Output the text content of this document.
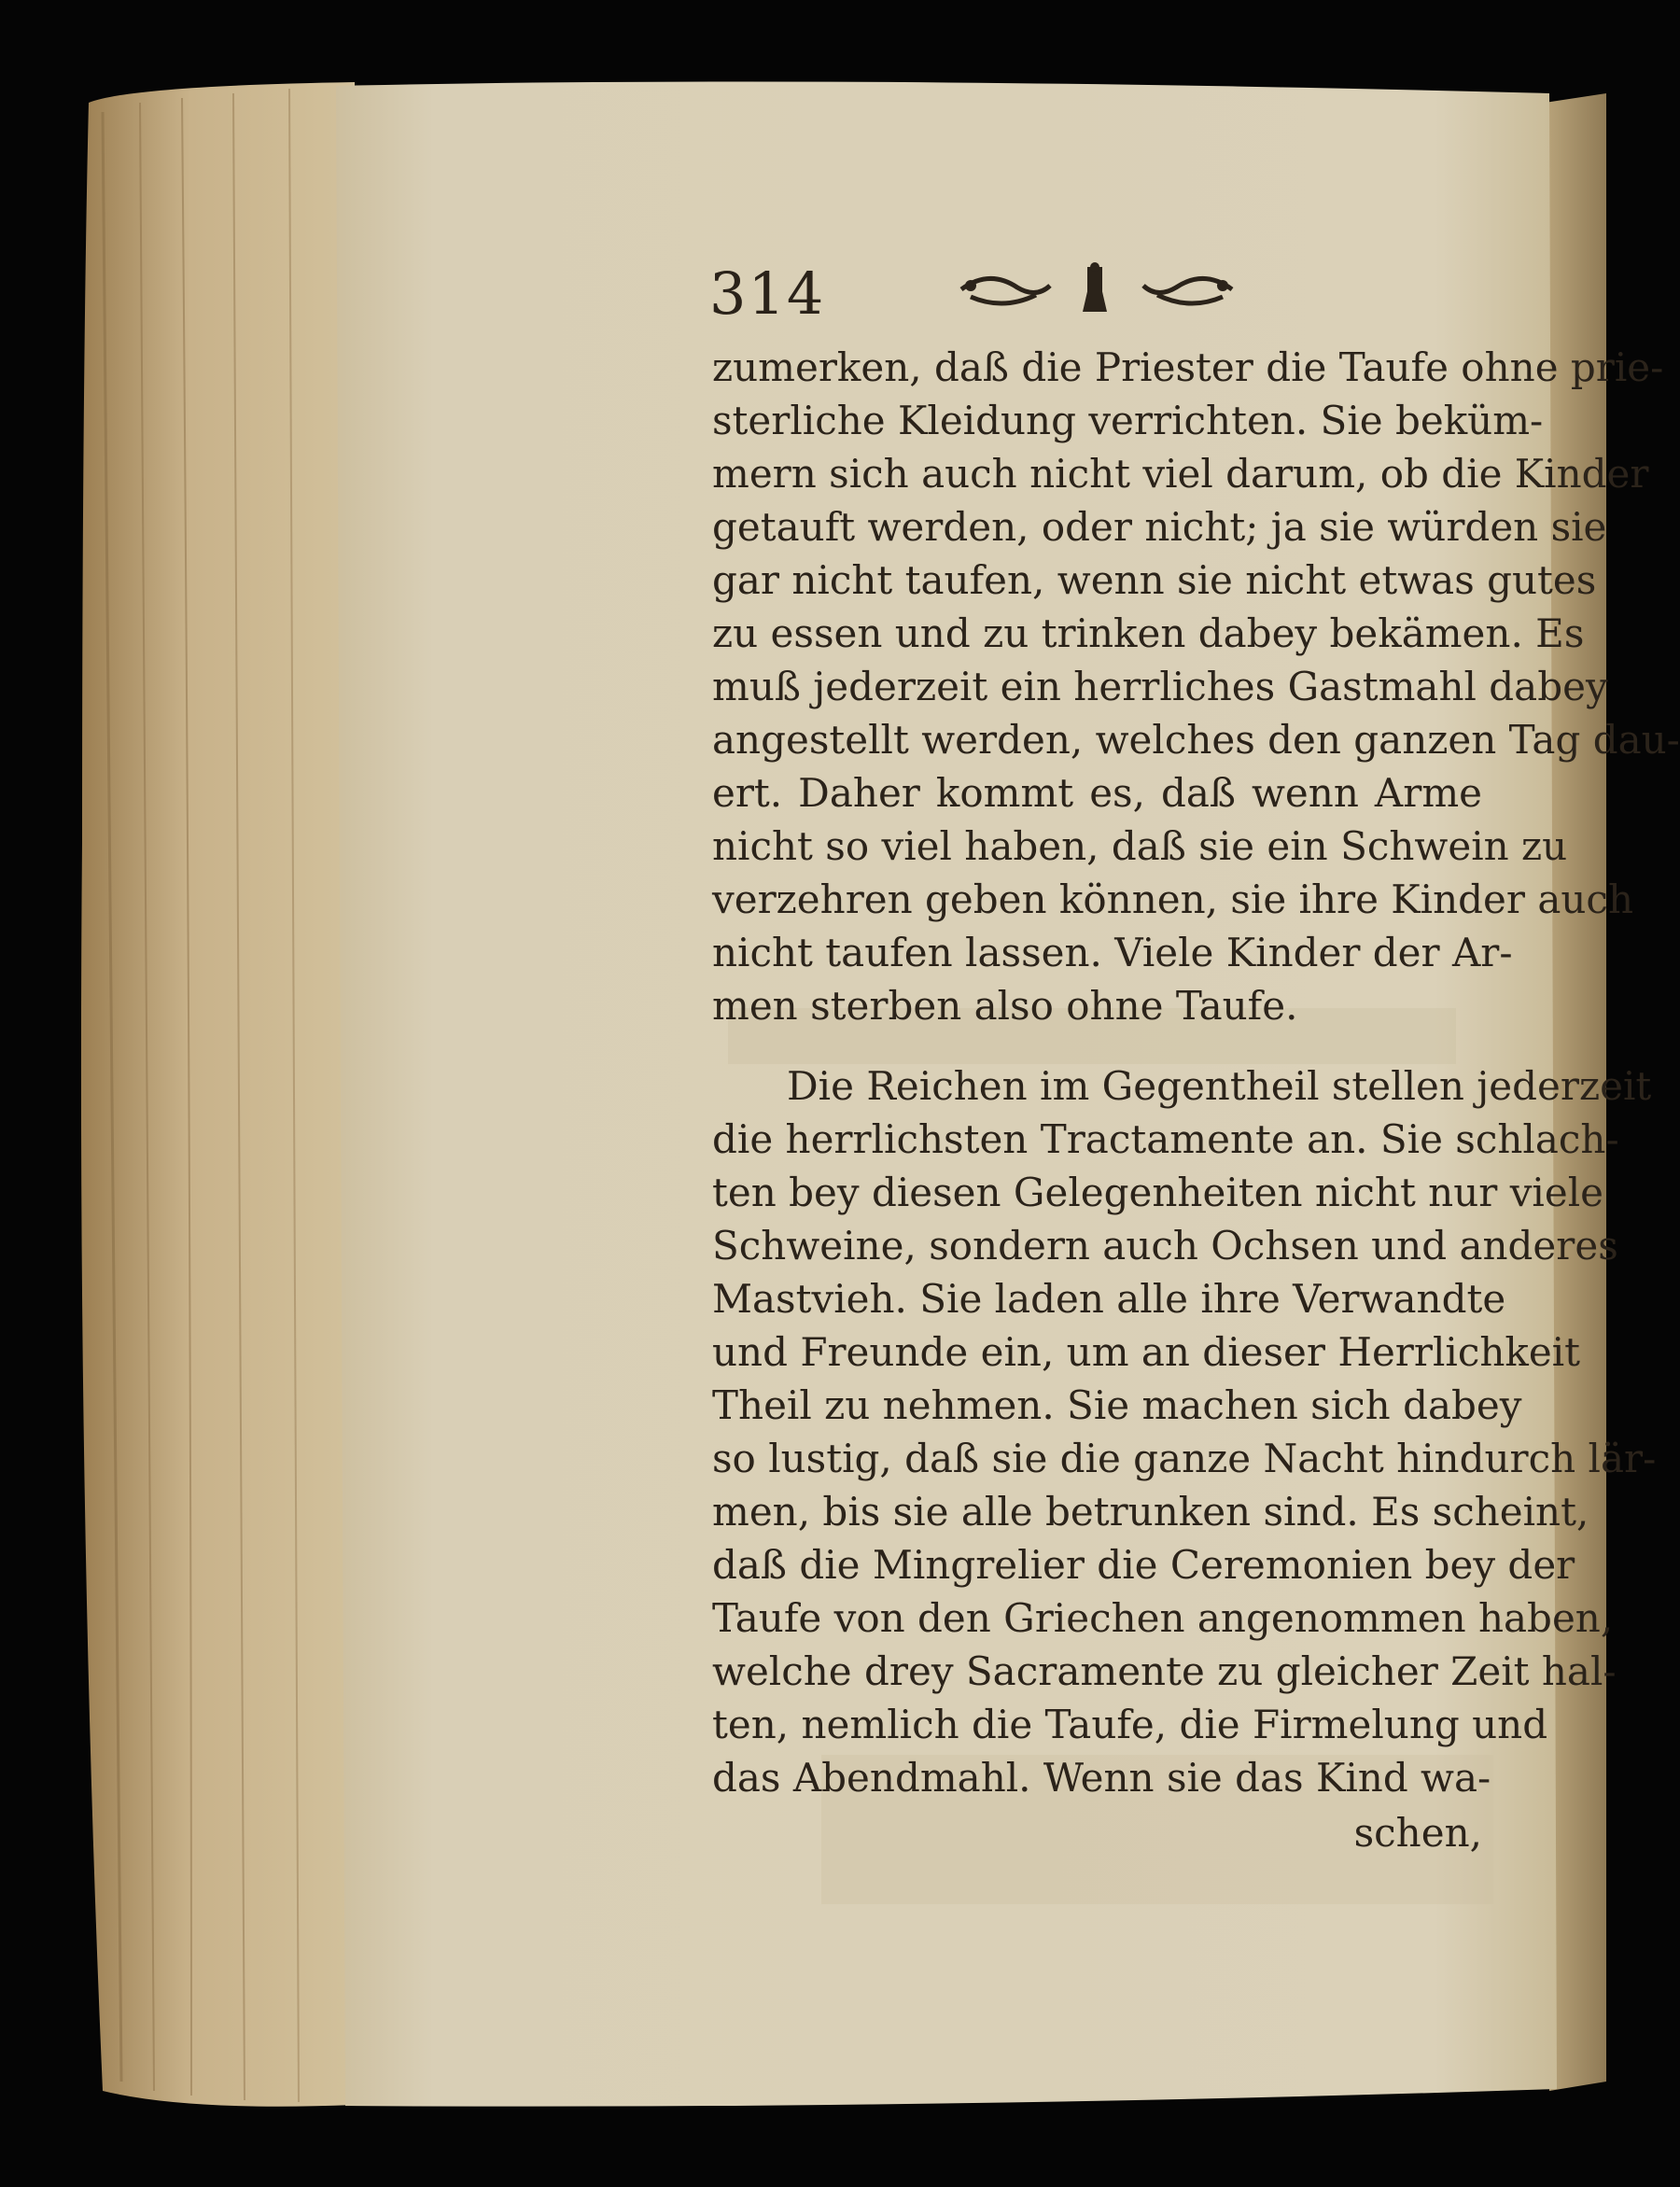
314
zumerken, daß die Priester die Taufe ohne prie-
sterliche Kleidung verrichten. Sie beküm-
mern sich auch nicht viel darum, ob die Kinder
getauft werden, oder nicht; ja sie würden sie
gar nicht taufen, wenn sie nicht etwas gutes
zu essen und zu trinken dabey bekämen. Es
muß jederzeit ein herrliches Gastmahl dabey
angestellt werden, welches den ganzen Tag dau-
ert. Daher kommt es, daß wenn Arme
nicht so viel haben, daß sie ein Schwein zu
verzehren geben können, sie ihre Kinder auch
nicht taufen lassen. Viele Kinder der Ar-
men sterben also ohne Taufe.
Die Reichen im Gegentheil stellen jederzeit
die herrlichsten Tractamente an. Sie schlach-
ten bey diesen Gelegenheiten nicht nur viele
Schweine, sondern auch Ochsen und anderes
Mastvieh. Sie laden alle ihre Verwandte
und Freunde ein, um an dieser Herrlichkeit
Theil zu nehmen. Sie machen sich dabey
so lustig, daß sie die ganze Nacht hindurch lär-
men, bis sie alle betrunken sind. Es scheint,
daß die Mingrelier die Ceremonien bey der
Taufe von den Griechen angenommen haben,
welche drey Sacramente zu gleicher Zeit hal-
ten, nemlich die Taufe, die Firmelung und
das Abendmahl. Wenn sie das Kind wa-
schen,
